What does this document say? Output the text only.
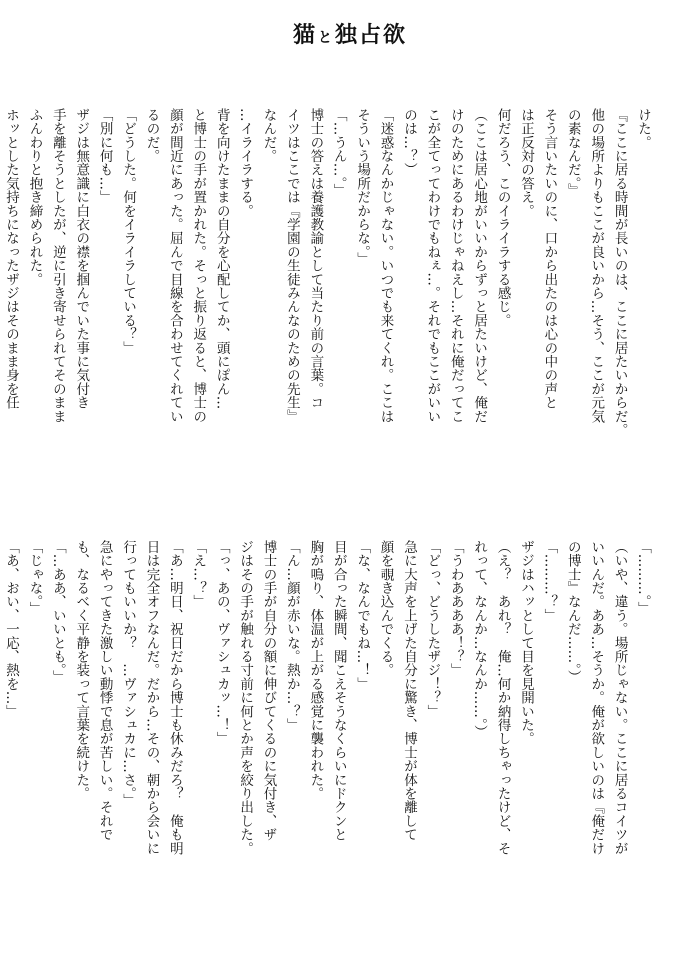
猫と独占欲

けた。

『ここに居る時間が長いのは、ここに居たいからだ。

他の場所よりもここが良いから…そう、ここが元気

の素なんだ。』

そう言いたいのに、口から出たのは心の中の声と

は正反対の答え。

何だろう、このイライラする感じ。

（ここは居心地がいいからずっと居たいけど、俺だ

けのためにあるわけじゃねえし…それに俺だってこ

こが全てってわけでもねぇ…。それでもここがいい

のは…？）

「迷惑なんかじゃない。いつでも来てくれ。ここは

そういう場所だからな。」

「…うん…。」

博士の答えは養護教諭として当たり前の言葉。コ

イツはここでは『学園の生徒みんなのための先生』

なんだ。

…イライラする。

背を向けたままの自分を心配してか、頭にぽん…

と博士の手が置かれた。そっと振り返ると、博士の

顔が間近にあった。屈んで目線を合わせてくれてい

るのだ。

「どうした。何をイライラしている？」

「別に何も…」

ザジは無意識に白衣の襟を掴んでいた事に気付き

手を離そうとしたが、逆に引き寄せられてそのまま

ふんわりと抱き締められた。

ホッとした気持ちになったザジはそのまま身を任

「………。」

（いや、違う。場所じゃない。ここに居るコイツが

いいんだ。ああ…そうか。俺が欲しいのは『俺だけ

の博士』なんだ……。）

「………？」

ザジはハッとして目を見開いた。

（え？　あれ？　俺…何か納得しちゃったけど、そ

れって、なんか…なんか……。）

「うわああああ！？」

「どっ、どうしたザジ！？」

急に大声を上げた自分に驚き、博士が体を離して

顔を覗き込んでくる。

「な、なんでもね…！」

目が合った瞬間、聞こえそうなくらいにドクンと

胸が鳴り、体温が上がる感覚に襲われた。

「ん…顔が赤いな。熱か…？」

博士の手が自分の額に伸びてくるのに気付き、ザ

ジはその手が触れる寸前に何とか声を絞り出した。

「っ、あの、ヴァシュカッ…！」

「え…？」

「あ…明日、祝日だから博士も休みだろ？　俺も明

日は完全オフなんだ。だから…その、朝から会いに

行ってもいいか？　…ヴァシュカに…さ。」

急にやってきた激しい動悸で息が苦しい。それで

も、なるべく平静を装って言葉を続けた。

「…ああ、いいとも。」

「じゃな。」

「あ、おい、一応、熱を…」
